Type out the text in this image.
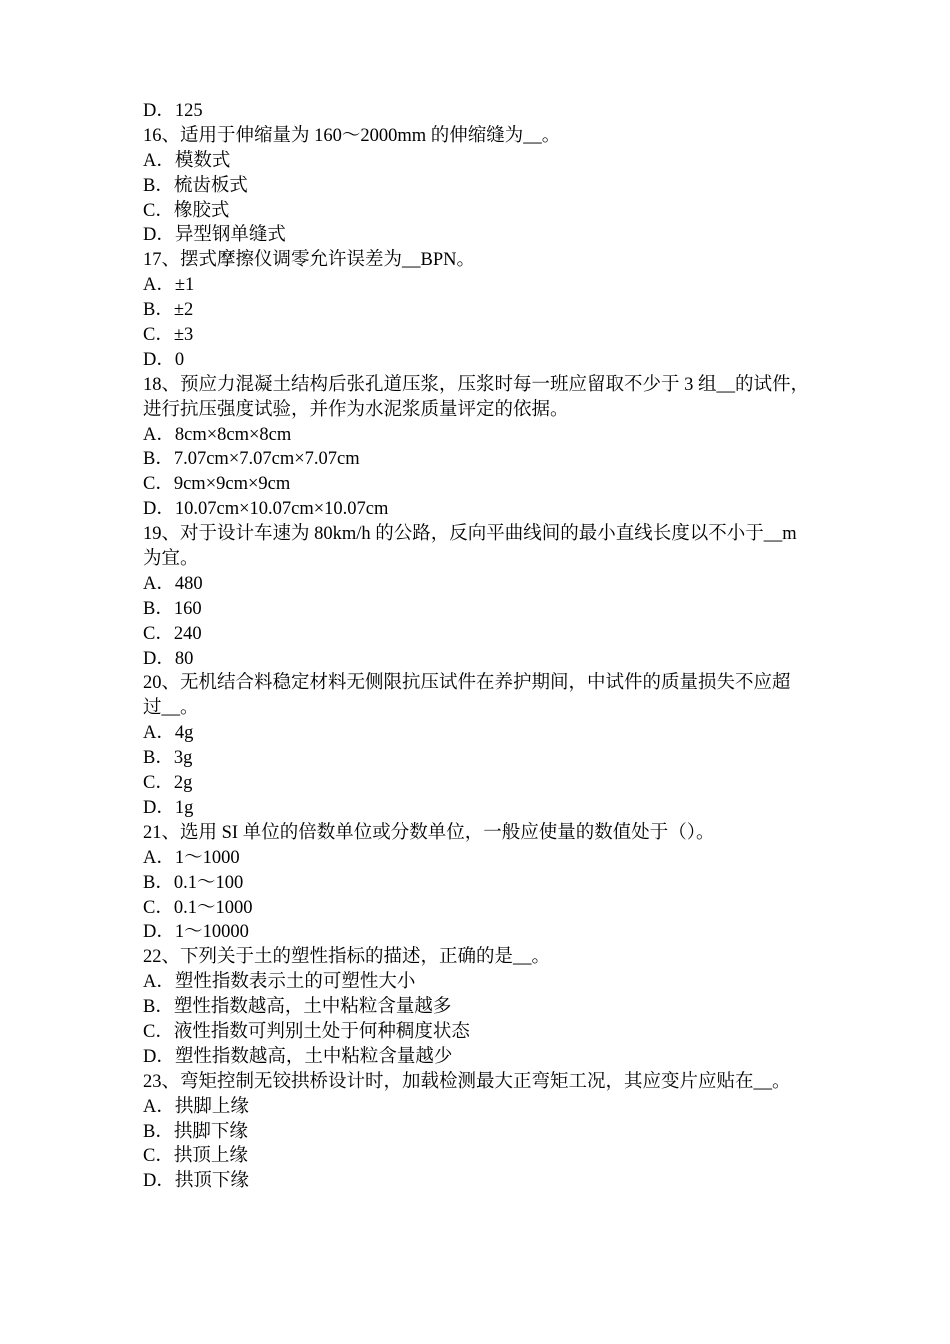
D．125
16、适用于伸缩量为 160～2000mm 的伸缩缝为__。
A．模数式
B．梳齿板式
C．橡胶式
D．异型钢单缝式
17、摆式摩擦仪调零允许误差为__BPN。
A．±1
B．±2
C．±3
D．0
18、预应力混凝土结构后张孔道压浆，压浆时每一班应留取不少于 3 组__的试件，
进行抗压强度试验，并作为水泥浆质量评定的依据。
A．8cm×8cm×8cm
B．7.07cm×7.07cm×7.07cm
C．9cm×9cm×9cm
D．10.07cm×10.07cm×10.07cm
19、对于设计车速为 80km/h 的公路，反向平曲线间的最小直线长度以不小于__m
为宜。
A．480
B．160
C．240
D．80
20、无机结合料稳定材料无侧限抗压试件在养护期间，中试件的质量损失不应超
过__。
A．4g
B．3g
C．2g
D．1g
21、选用 SI 单位的倍数单位或分数单位，一般应使量的数值处于（）。
A．1～1000
B．0.1～100
C．0.1～1000
D．1～10000
22、下列关于土的塑性指标的描述，正确的是__。
A．塑性指数表示土的可塑性大小
B．塑性指数越高，土中粘粒含量越多
C．液性指数可判别土处于何种稠度状态
D．塑性指数越高，土中粘粒含量越少
23、弯矩控制无铰拱桥设计时，加载检测最大正弯矩工况，其应变片应贴在__。
A．拱脚上缘
B．拱脚下缘
C．拱顶上缘
D．拱顶下缘
